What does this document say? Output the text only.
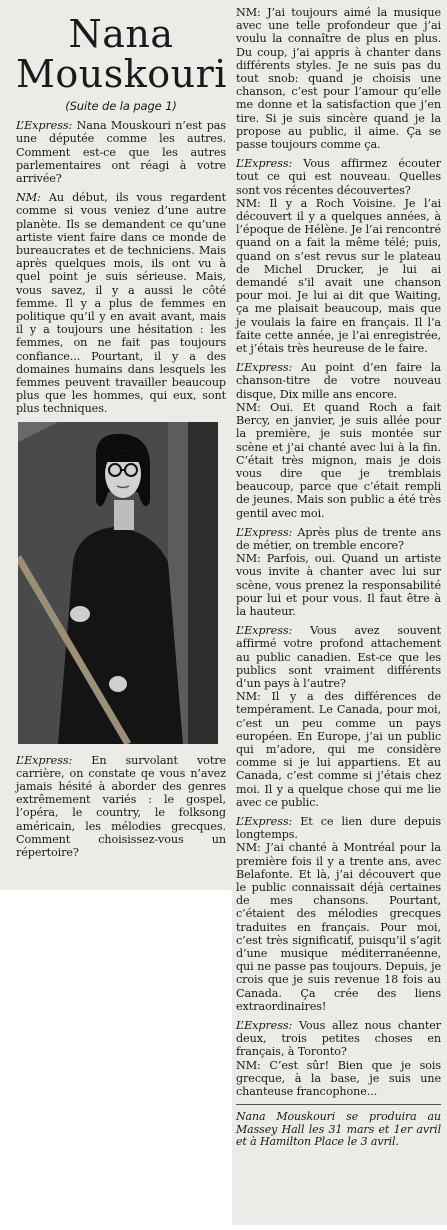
Nana
Mouskouri
(Suite de la page 1)

L’Express: Nana Mouskouri n’est pas une députée comme les autres. Comment est-ce que les autres parlementaires ont réagi à votre arrivée?

NM: Au début, ils vous regardent comme si vous veniez d’une autre planète. Ils se demandent ce qu’une artiste vient faire dans ce monde de bureaucrates et de techniciens. Mais après quelques mois, ils ont vu à quel point je suis sérieuse. Mais, vous savez, il y a aussi le côté femme. Il y a plus de femmes en politique qu’il y en avait avant, mais il y a toujours une hésitation : les femmes, on ne fait pas toujours confiance... Pourtant, il y a des domaines humains dans lesquels les femmes peuvent travailler beaucoup plus que les hommes, qui eux, sont plus techniques.

L’Express: En survolant votre carrière, on constate qe vous n’avez jamais hésité à aborder des genres extrêmement variés : le gospel, l’opéra, le country, le folksong américain, les mélodies grecques. Comment choisissez-vous un répertoire?

NM: J’ai toujours aimé la musique avec une telle profondeur que j’ai voulu la connaître de plus en plus. Du coup, j’ai appris à chanter dans différents styles. Je ne suis pas du tout snob: quand je choisis une chanson, c’est pour l’amour qu’elle me donne et la satisfaction que j’en tire. Si je suis sincère quand je la propose au public, il aime. Ça se passe toujours comme ça.

L’Express: Vous affirmez écouter tout ce qui est nouveau. Quelles sont vos récentes découvertes?

NM: Il y a Roch Voisine. Je l’ai découvert il y a quelques années, à l’époque de Hélène. Je l’ai rencontré quand on a fait la même télé; puis, quand on s’est revus sur le plateau de Michel Drucker, je lui ai demandé s’il avait une chanson pour moi. Je lui ai dit que Waiting, ça me plaisait beaucoup, mais que je voulais la faire en français. Il l’a faite cette année, je l’ai enregistrée, et j’étais très heureuse de le faire.

L’Express: Au point d’en faire la chanson-titre de votre nouveau disque, Dix mille ans encore.

NM: Oui. Et quand Roch a fait Bercy, en janvier, je suis allée pour la première, je suis montée sur scène et j’ai chanté avec lui à la fin. C’était très mignon, mais je dois vous dire que je tremblais beaucoup, parce que c’était rempli de jeunes. Mais son public a été très gentil avec moi.

L’Express: Après plus de trente ans de métier, on tremble encore?

NM: Parfois, oui. Quand un artiste vous invite à chanter avec lui sur scène, vous prenez la responsabilité pour lui et pour vous. Il faut être à la hauteur.

L’Express: Vous avez souvent affirmé votre profond attachement au public canadien. Est-ce que les publics sont vraiment différents d’un pays à l’autre?

NM: Il y a des différences de tempérament. Le Canada, pour moi, c’est un peu comme un pays européen. En Europe, j’ai un public qui m’adore, qui me considère comme si je lui appartiens. Et au Canada, c’est comme si j’étais chez moi. Il y a quelque chose qui me lie avec ce public.

L’Express: Et ce lien dure depuis longtemps.

NM: J’ai chanté à Montréal pour la première fois il y a trente ans, avec Belafonte. Et là, j’ai découvert que le public connaissait déjà certaines de mes chansons. Pourtant, c’étaient des mélodies grecques traduites en français. Pour moi, c’est très significatif, puisqu’il s’agit d’une musique méditerranéenne, qui ne passe pas toujours. Depuis, je crois que je suis revenue 18 fois au Canada. Ça crée des liens extraordinaires!

L’Express: Vous allez nous chanter deux, trois petites choses en français, à Toronto?

NM: C’est sûr! Bien que je sois grecque, à la base, je suis une chanteuse francophone...

Nana Mouskouri se produira au Massey Hall les 31 mars et 1er avril et à Hamilton Place le 3 avril.
